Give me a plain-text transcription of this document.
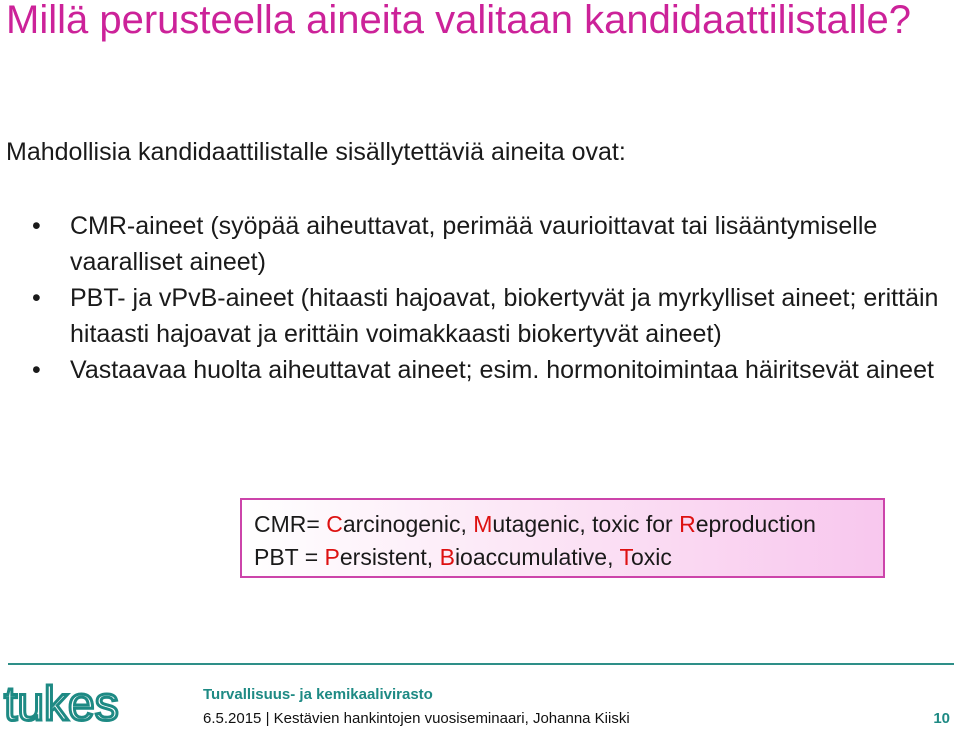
Millä perusteella aineita valitaan kandidaattilistalle?
Mahdollisia kandidaattilistalle sisällytettäviä aineita ovat:
• CMR-aineet (syöpää aiheuttavat, perimää vaurioittavat tai lisääntymiselle vaaralliset aineet)
• PBT- ja vPvB-aineet (hitaasti hajoavat, biokertyvät ja myrkylliset aineet; erittäin hitaasti hajoavat ja erittäin voimakkaasti biokertyvät aineet)
• Vastaavaa huolta aiheuttavat aineet; esim. hormonitoimintaa häiritsevät aineet
CMR= Carcinogenic, Mutagenic, toxic for Reproduction
PBT = Persistent, Bioaccumulative, Toxic
tukes	Turvallisuus- ja kemikaalivirasto
6.5.2015 | Kestävien hankintojen vuosiseminaari, Johanna Kiiski	10
